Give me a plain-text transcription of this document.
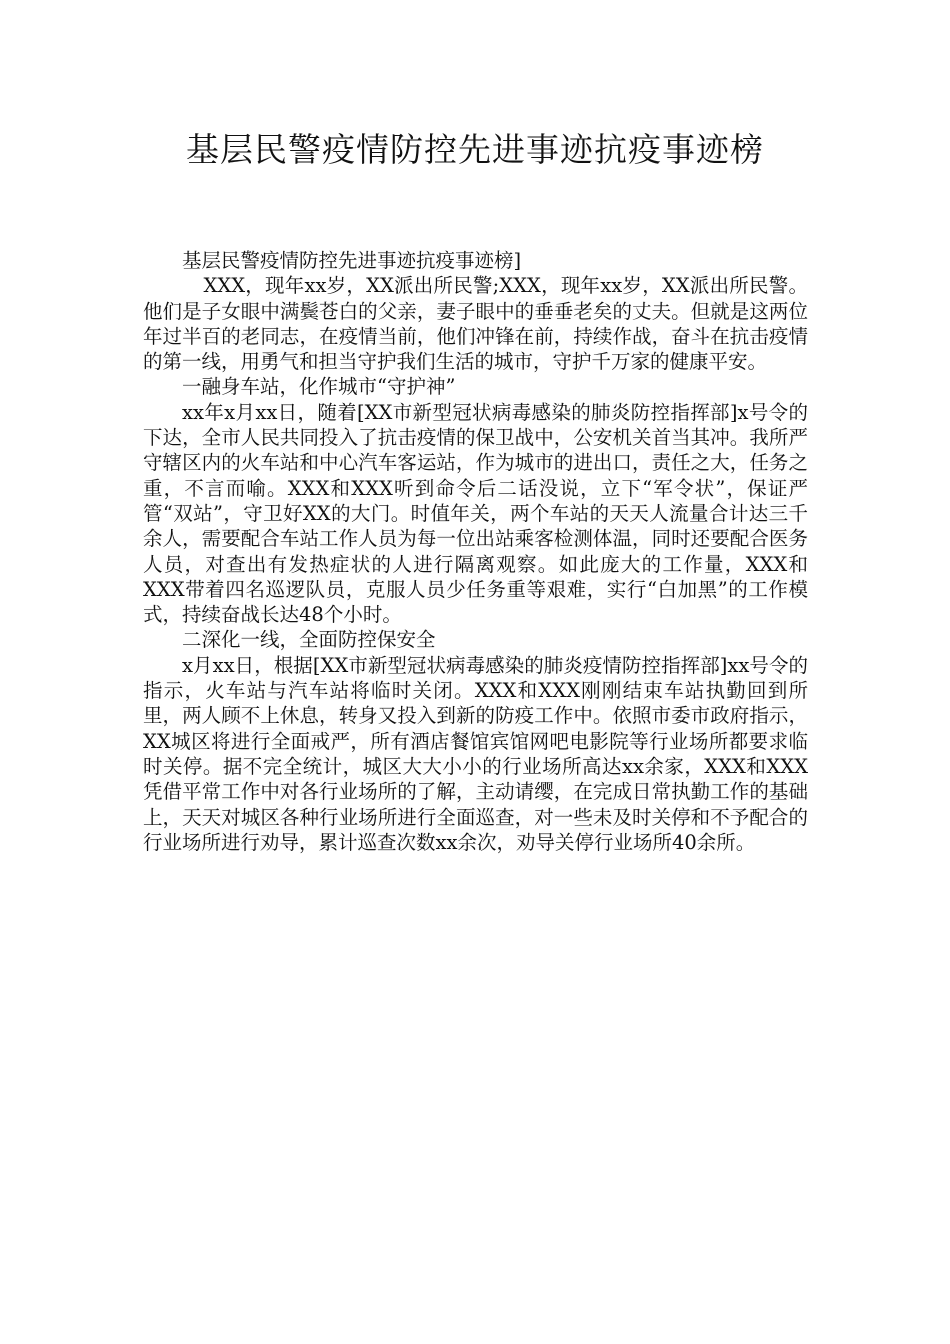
基层民警疫情防控先进事迹抗疫事迹榜

基层民警疫情防控先进事迹抗疫事迹榜]

XXX，现年xx岁，XX派出所民警;XXX，现年xx岁，XX派出所民警。他们是子女眼中满鬓苍白的父亲，妻子眼中的垂垂老矣的丈夫。但就是这两位年过半百的老同志，在疫情当前，他们冲锋在前，持续作战，奋斗在抗击疫情的第一线，用勇气和担当守护我们生活的城市，守护千万家的健康平安。

一融身车站，化作城市“守护神”

xx年x月xx日，随着[XX市新型冠状病毒感染的肺炎防控指挥部]x号令的下达，全市人民共同投入了抗击疫情的保卫战中，公安机关首当其冲。我所严守辖区内的火车站和中心汽车客运站，作为城市的进出口，责任之大，任务之重，不言而喻。XXX和XXX听到命令后二话没说，立下“军令状”，保证严管“双站”，守卫好XX的大门。时值年关，两个车站的天天人流量合计达三千余人，需要配合车站工作人员为每一位出站乘客检测体温，同时还要配合医务人员，对查出有发热症状的人进行隔离观察。如此庞大的工作量，XXX和XXX带着四名巡逻队员，克服人员少任务重等艰难，实行“白加黑”的工作模式，持续奋战长达48个小时。

二深化一线，全面防控保安全

x月xx日，根据[XX市新型冠状病毒感染的肺炎疫情防控指挥部]xx号令的指示，火车站与汽车站将临时关闭。XXX和XXX刚刚结束车站执勤回到所里，两人顾不上休息，转身又投入到新的防疫工作中。依照市委市政府指示，XX城区将进行全面戒严，所有酒店餐馆宾馆网吧电影院等行业场所都要求临时关停。据不完全统计，城区大大小小的行业场所高达xx余家，XXX和XXX凭借平常工作中对各行业场所的了解，主动请缨，在完成日常执勤工作的基础上，天天对城区各种行业场所进行全面巡查，对一些未及时关停和不予配合的行业场所进行劝导，累计巡查次数xx余次，劝导关停行业场所40余所。
